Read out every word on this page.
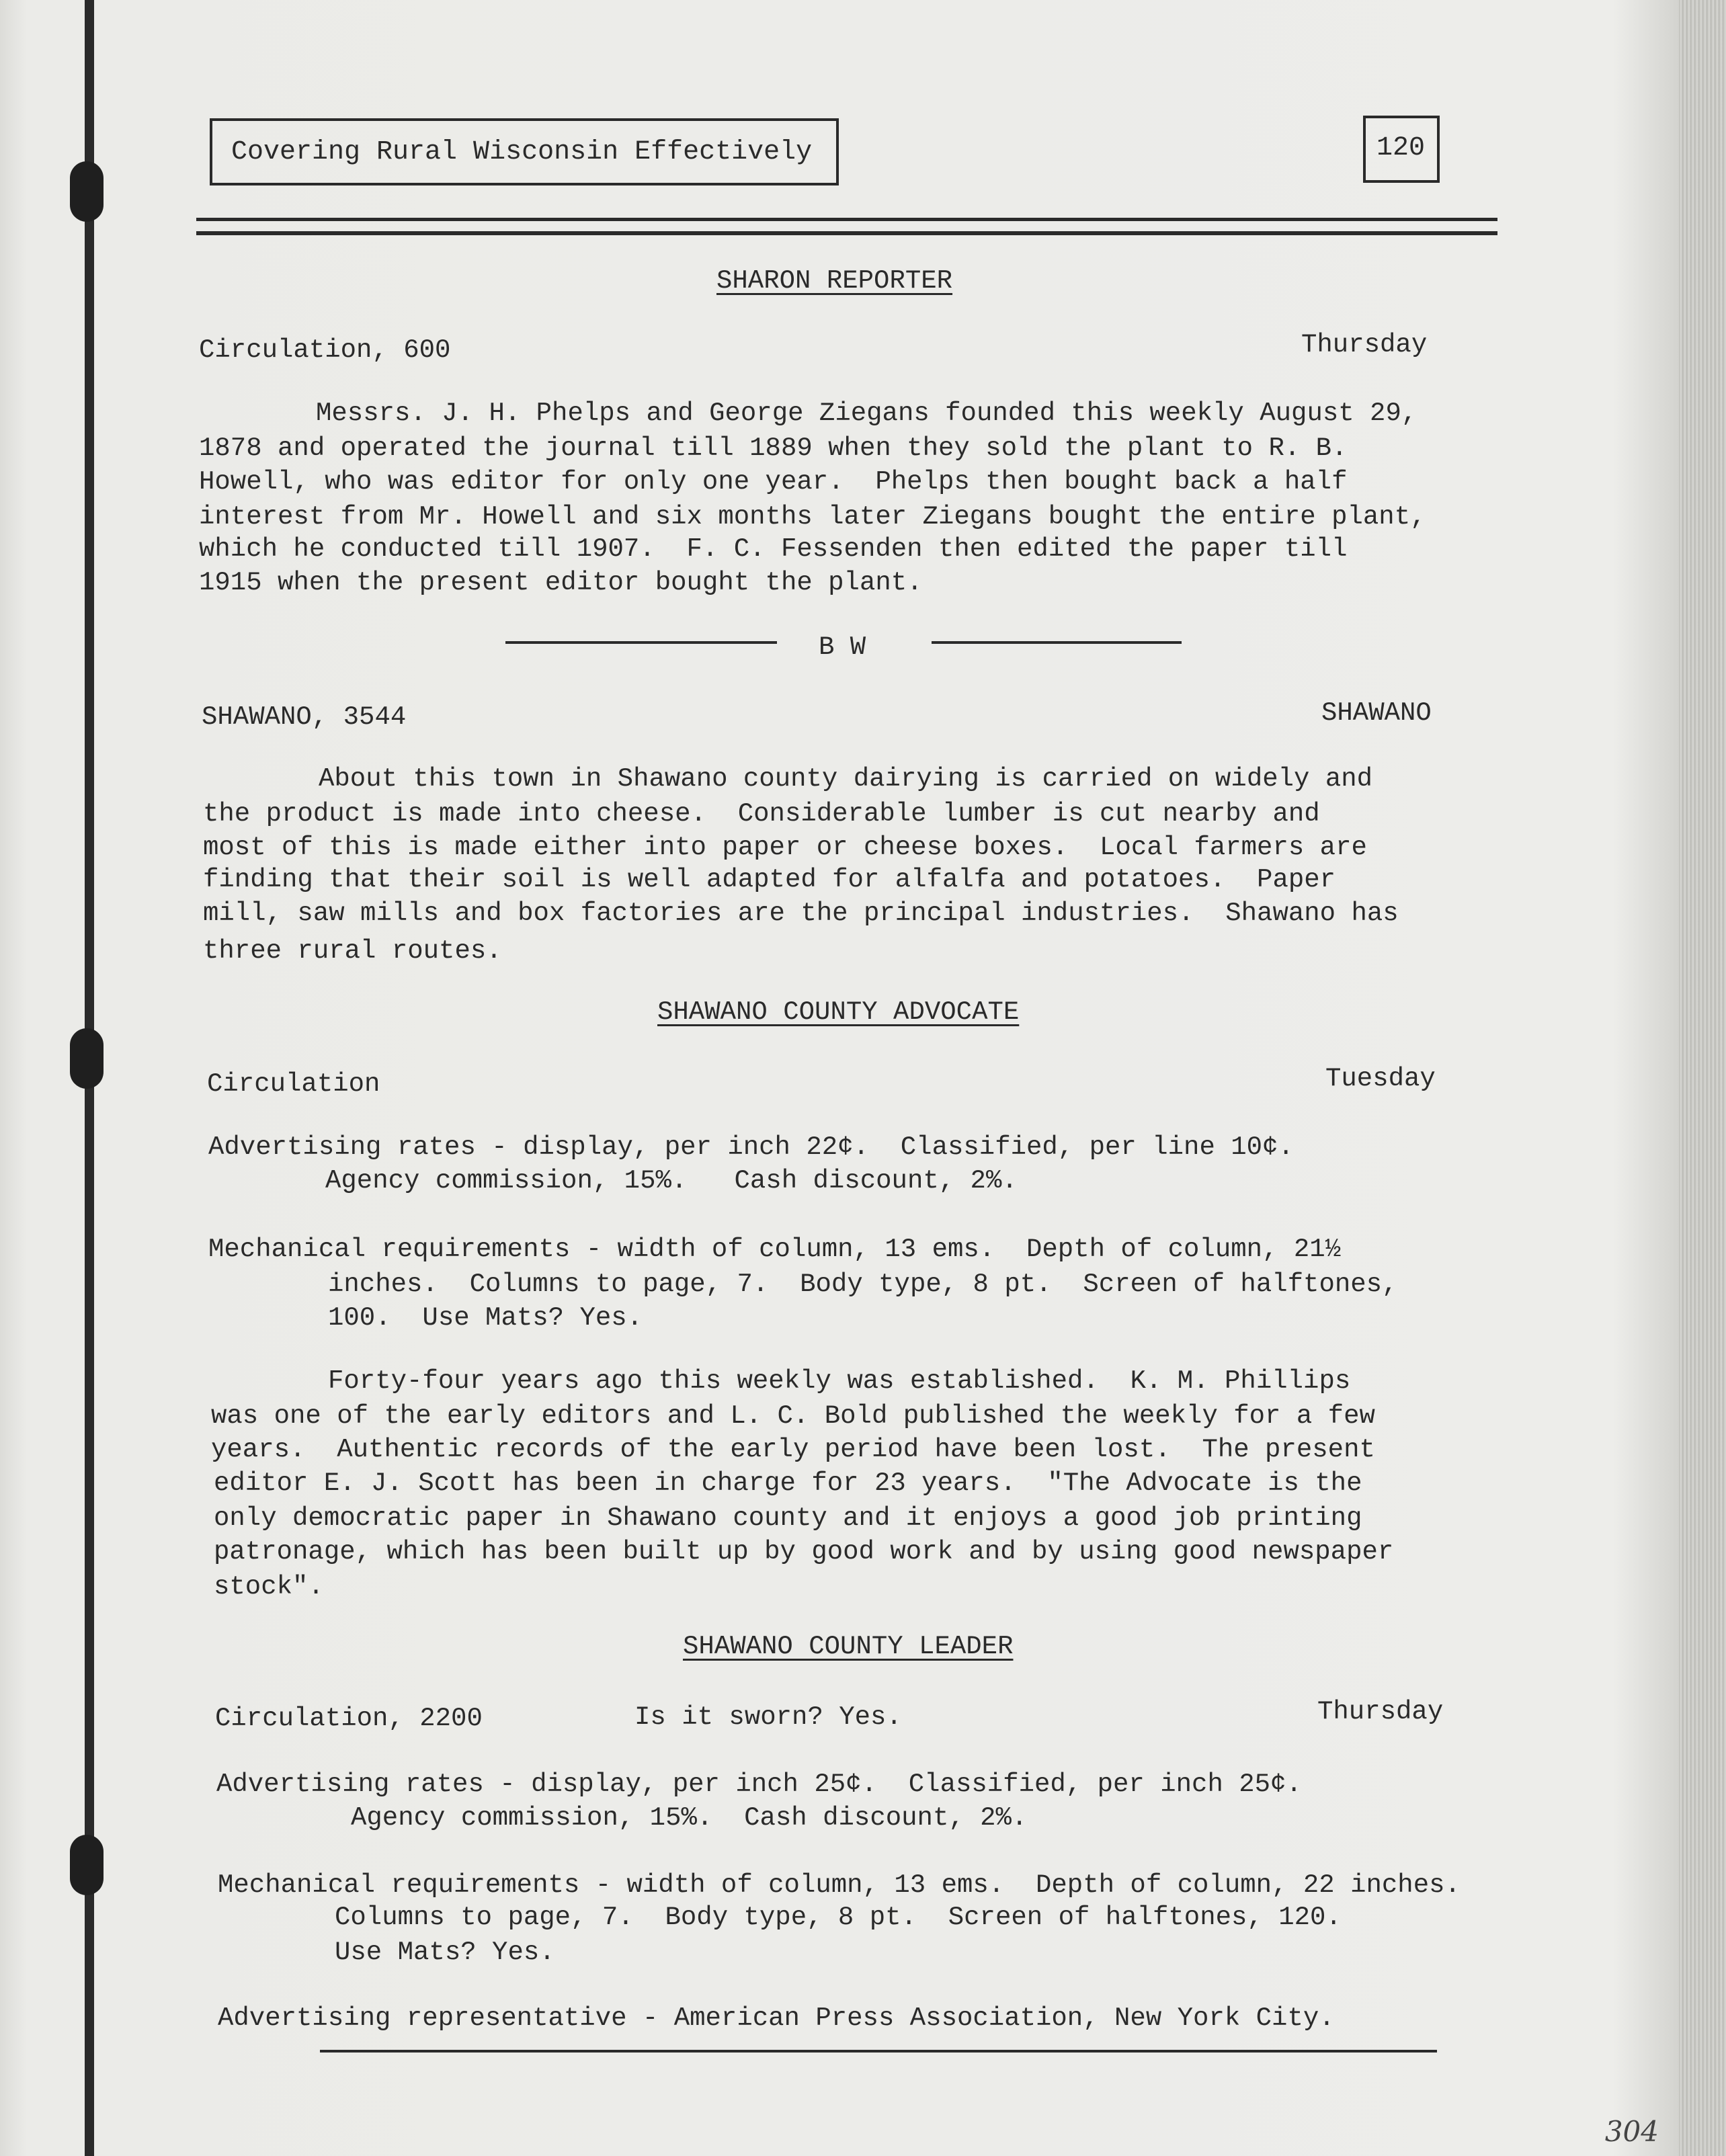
Covering Rural Wisconsin Effectively	120
SHARON REPORTER
Circulation, 600	Thursday
Messrs. J. H. Phelps and George Ziegans founded this weekly August 29,
1878 and operated the journal till 1889 when they sold the plant to R. B.
Howell, who was editor for only one year.  Phelps then bought back a half
interest from Mr. Howell and six months later Ziegans bought the entire plant,
which he conducted till 1907.  F. C. Fessenden then edited the paper till
1915 when the present editor bought the plant.
B W
SHAWANO, 3544	SHAWANO
About this town in Shawano county dairying is carried on widely and
the product is made into cheese.  Considerable lumber is cut nearby and
most of this is made either into paper or cheese boxes.  Local farmers are
finding that their soil is well adapted for alfalfa and potatoes.  Paper
mill, saw mills and box factories are the principal industries.  Shawano has
three rural routes.
SHAWANO COUNTY ADVOCATE
Circulation	Tuesday
Advertising rates - display, per inch 22¢.  Classified, per line 10¢.
Agency commission, 15%.   Cash discount, 2%.
Mechanical requirements - width of column, 13 ems.  Depth of column, 21½
inches.  Columns to page, 7.  Body type, 8 pt.  Screen of halftones,
100.  Use Mats? Yes.
Forty-four years ago this weekly was established.  K. M. Phillips
was one of the early editors and L. C. Bold published the weekly for a few
years.  Authentic records of the early period have been lost.  The present
editor E. J. Scott has been in charge for 23 years.  "The Advocate is the
only democratic paper in Shawano county and it enjoys a good job printing
patronage, which has been built up by good work and by using good newspaper
stock".
SHAWANO COUNTY LEADER
Circulation, 2200	Is it sworn? Yes.	Thursday
Advertising rates - display, per inch 25¢.  Classified, per inch 25¢.
Agency commission, 15%.  Cash discount, 2%.
Mechanical requirements - width of column, 13 ems.  Depth of column, 22 inches.
Columns to page, 7.  Body type, 8 pt.  Screen of halftones, 120.
Use Mats? Yes.
Advertising representative - American Press Association, New York City.
304
